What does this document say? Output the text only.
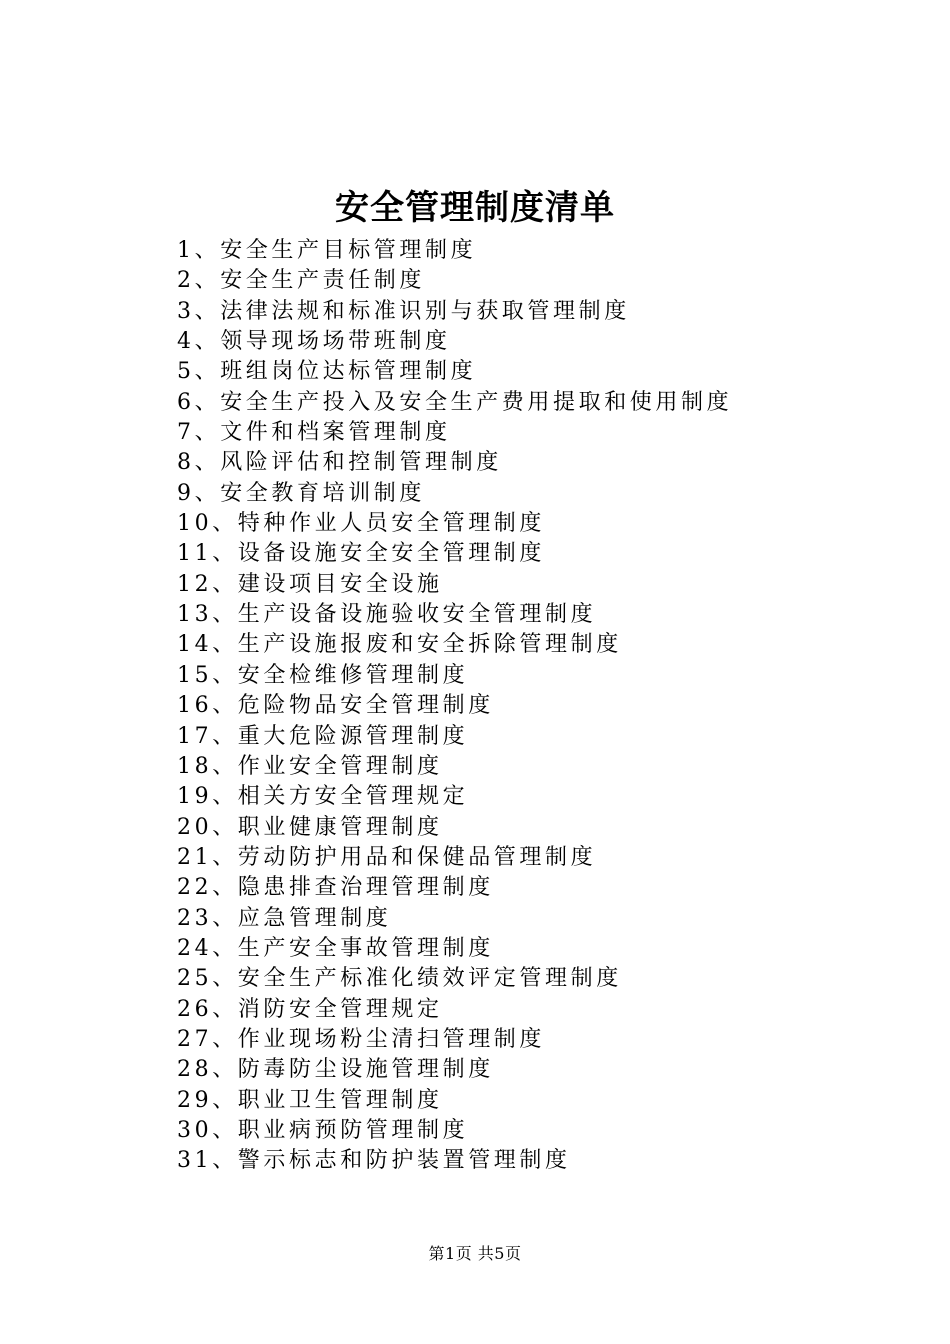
安全管理制度清单
1、安全生产目标管理制度
2、安全生产责任制度
3、法律法规和标准识别与获取管理制度
4、领导现场场带班制度
5、班组岗位达标管理制度
6、安全生产投入及安全生产费用提取和使用制度
7、文件和档案管理制度
8、风险评估和控制管理制度
9、安全教育培训制度
10、特种作业人员安全管理制度
11、设备设施安全安全管理制度
12、建设项目安全设施
13、生产设备设施验收安全管理制度
14、生产设施报废和安全拆除管理制度
15、安全检维修管理制度
16、危险物品安全管理制度
17、重大危险源管理制度
18、作业安全管理制度
19、相关方安全管理规定
20、职业健康管理制度
21、劳动防护用品和保健品管理制度
22、隐患排查治理管理制度
23、应急管理制度
24、生产安全事故管理制度
25、安全生产标准化绩效评定管理制度
26、消防安全管理规定
27、作业现场粉尘清扫管理制度
28、防毒防尘设施管理制度
29、职业卫生管理制度
30、职业病预防管理制度
31、警示标志和防护装置管理制度
第1页 共5页
